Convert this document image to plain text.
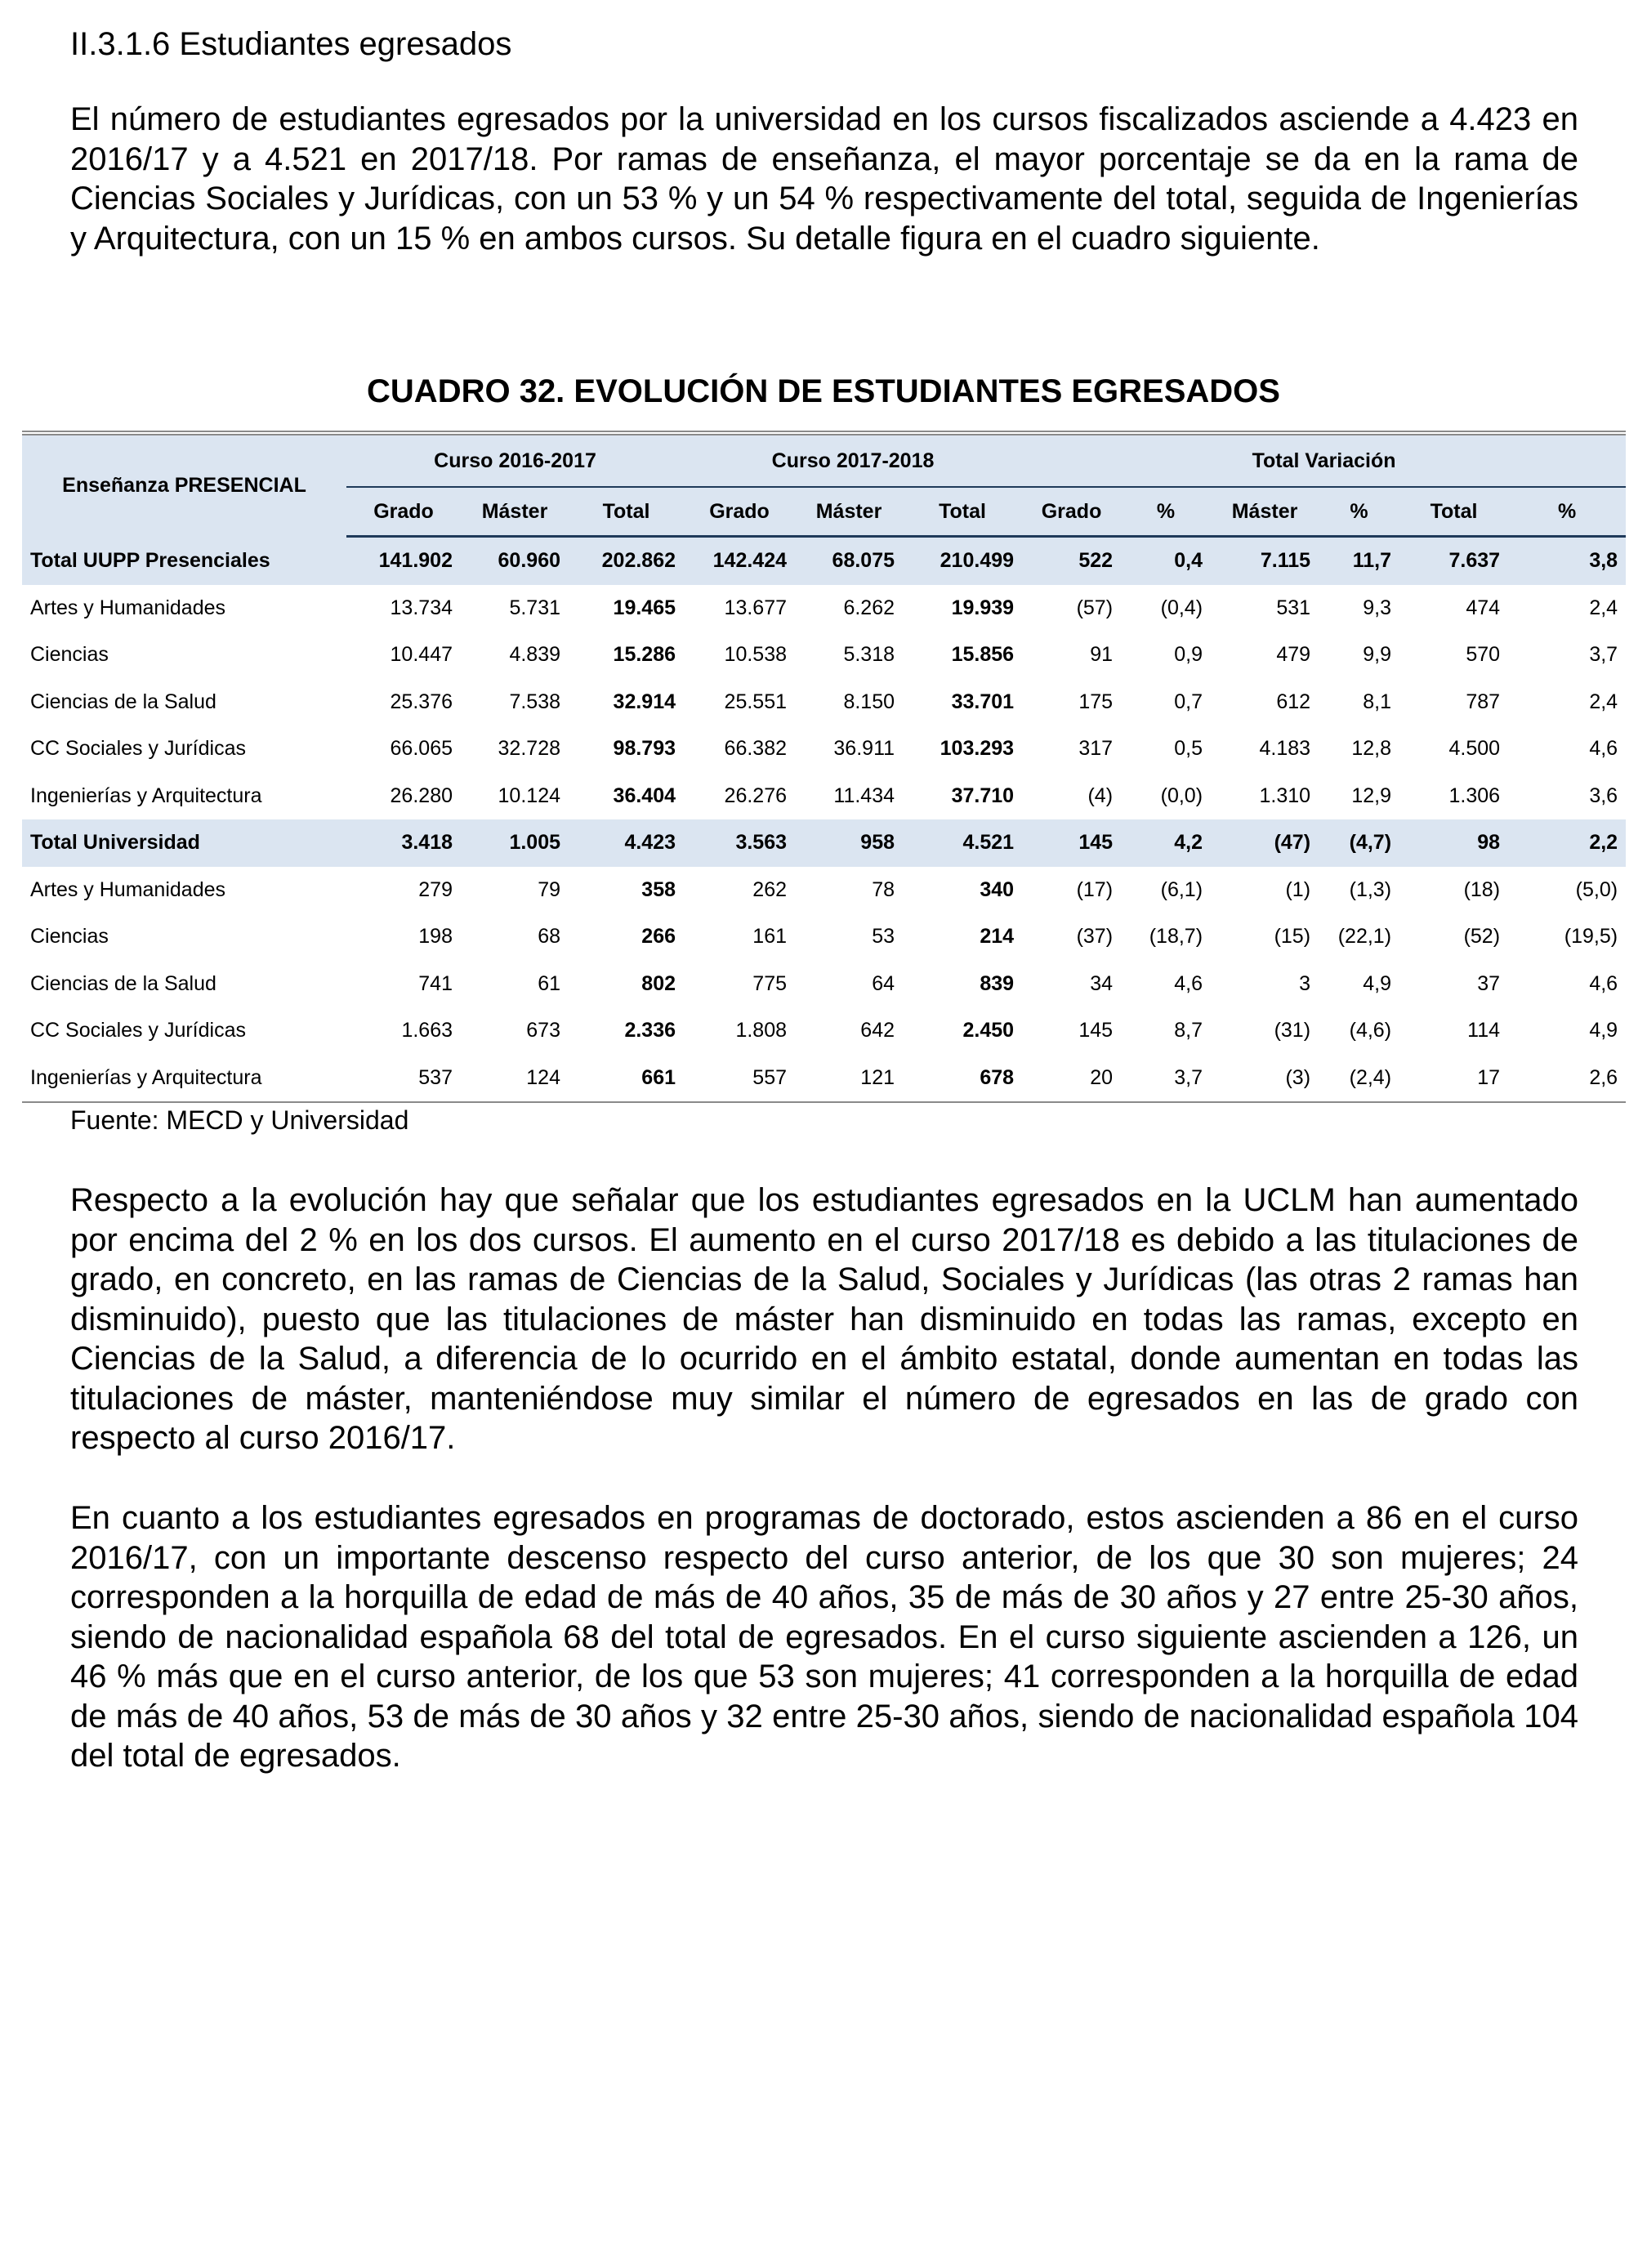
II.3.1.6 Estudiantes egresados
El número de estudiantes egresados por la universidad en los cursos fiscalizados asciende a 4.423 en 2016/17 y a 4.521 en 2017/18. Por ramas de enseñanza, el mayor porcentaje se da en la rama de Ciencias Sociales y Jurídicas, con un 53 % y un 54 % respectivamente del total, seguida de Ingenierías y Arquitectura, con un 15 % en ambos cursos. Su detalle figura en el cuadro siguiente.
CUADRO 32. EVOLUCIÓN DE ESTUDIANTES EGRESADOS
Enseñanza PRESENCIAL	Curso 2016-2017			Curso 2017-2018			Total Variación					
	Grado	Máster	Total	Grado	Máster	Total	Grado	%	Máster	%	Total	%
Total UUPP Presenciales	141.902	60.960	202.862	142.424	68.075	210.499	522	0,4	7.115	11,7	7.637	3,8
Artes y Humanidades	13.734	5.731	19.465	13.677	6.262	19.939	(57)	(0,4)	531	9,3	474	2,4
Ciencias	10.447	4.839	15.286	10.538	5.318	15.856	91	0,9	479	9,9	570	3,7
Ciencias de la Salud	25.376	7.538	32.914	25.551	8.150	33.701	175	0,7	612	8,1	787	2,4
CC Sociales y Jurídicas	66.065	32.728	98.793	66.382	36.911	103.293	317	0,5	4.183	12,8	4.500	4,6
Ingenierías y Arquitectura	26.280	10.124	36.404	26.276	11.434	37.710	(4)	(0,0)	1.310	12,9	1.306	3,6
Total Universidad	3.418	1.005	4.423	3.563	958	4.521	145	4,2	(47)	(4,7)	98	2,2
Artes y Humanidades	279	79	358	262	78	340	(17)	(6,1)	(1)	(1,3)	(18)	(5,0)
Ciencias	198	68	266	161	53	214	(37)	(18,7)	(15)	(22,1)	(52)	(19,5)
Ciencias de la Salud	741	61	802	775	64	839	34	4,6	3	4,9	37	4,6
CC Sociales y Jurídicas	1.663	673	2.336	1.808	642	2.450	145	8,7	(31)	(4,6)	114	4,9
Ingenierías y Arquitectura	537	124	661	557	121	678	20	3,7	(3)	(2,4)	17	2,6
Fuente: MECD y Universidad
Respecto a la evolución hay que señalar que los estudiantes egresados en la UCLM han aumentado por encima del 2 % en los dos cursos. El aumento en el curso 2017/18 es debido a las titulaciones de grado, en concreto, en las ramas de Ciencias de la Salud, Sociales y Jurídicas (las otras 2 ramas han disminuido), puesto que las titulaciones de máster han disminuido en todas las ramas, excepto en Ciencias de la Salud, a diferencia de lo ocurrido en el ámbito estatal, donde aumentan en todas las titulaciones de máster, manteniéndose muy similar el número de egresados en las de grado con respecto al curso 2016/17.
En cuanto a los estudiantes egresados en programas de doctorado, estos ascienden a 86 en el curso 2016/17, con un importante descenso respecto del curso anterior, de los que 30 son mujeres; 24 corresponden a la horquilla de edad de más de 40 años, 35 de más de 30 años y 27 entre 25-30 años, siendo de nacionalidad española 68 del total de egresados. En el curso siguiente ascienden a 126, un 46 % más que en el curso anterior, de los que 53 son mujeres; 41 corresponden a la horquilla de edad de más de 40 años, 53 de más de 30 años y 32 entre 25-30 años, siendo de nacionalidad española 104 del total de egresados.
